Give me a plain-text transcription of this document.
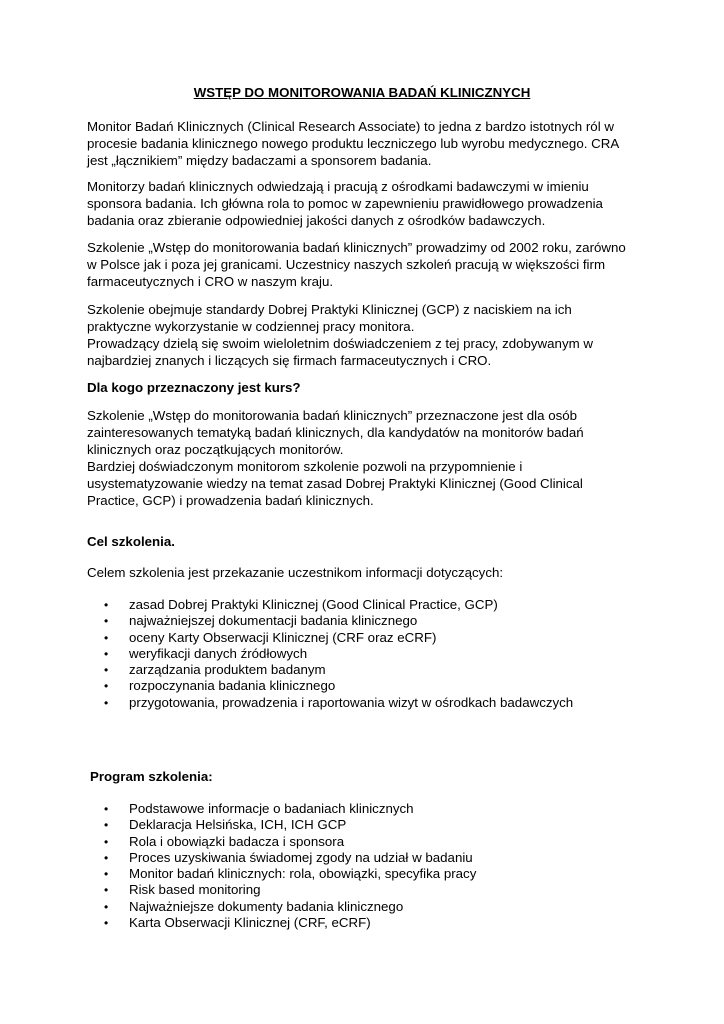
WSTĘP DO MONITOROWANIA BADAŃ KLINICZNYCH

Monitor Badań Klinicznych (Clinical Research Associate) to jedna z bardzo istotnych ról w
procesie badania klinicznego nowego produktu leczniczego lub wyrobu medycznego. CRA
jest „łącznikiem” między badaczami a sponsorem badania.

Monitorzy badań klinicznych odwiedzają i pracują z ośrodkami badawczymi w imieniu
sponsora badania. Ich główna rola to pomoc w zapewnieniu prawidłowego prowadzenia
badania oraz zbieranie odpowiedniej jakości danych z ośrodków badawczych.

Szkolenie „Wstęp do monitorowania badań klinicznych” prowadzimy od 2002 roku, zarówno
w Polsce jak i poza jej granicami. Uczestnicy naszych szkoleń pracują w większości firm
farmaceutycznych i CRO w naszym kraju.

Szkolenie obejmuje standardy Dobrej Praktyki Klinicznej (GCP) z naciskiem na ich
praktyczne wykorzystanie w codziennej pracy monitora.
Prowadzący dzielą się swoim wieloletnim doświadczeniem z tej pracy, zdobywanym w
najbardziej znanych i liczących się firmach farmaceutycznych i CRO.

Dla kogo przeznaczony jest kurs?

Szkolenie „Wstęp do monitorowania badań klinicznych” przeznaczone jest dla osób
zainteresowanych tematyką badań klinicznych, dla kandydatów na monitorów badań
klinicznych oraz początkujących monitorów.
Bardziej doświadczonym monitorom szkolenie pozwoli na przypomnienie i
usystematyzowanie wiedzy na temat zasad Dobrej Praktyki Klinicznej (Good Clinical
Practice, GCP) i prowadzenia badań klinicznych.

Cel szkolenia.

Celem szkolenia jest przekazanie uczestnikom informacji dotyczących:

• zasad Dobrej Praktyki Klinicznej (Good Clinical Practice, GCP)
• najważniejszej dokumentacji badania klinicznego
• oceny Karty Obserwacji Klinicznej (CRF oraz eCRF)
• weryfikacji danych źródłowych
• zarządzania produktem badanym
• rozpoczynania badania klinicznego
• przygotowania, prowadzenia i raportowania wizyt w ośrodkach badawczych
Program szkolenia:
• Podstawowe informacje o badaniach klinicznych
• Deklaracja Helsińska, ICH, ICH GCP
• Rola i obowiązki badacza i sponsora
• Proces uzyskiwania świadomej zgody na udział w badaniu
• Monitor badań klinicznych: rola, obowiązki, specyfika pracy
• Risk based monitoring
• Najważniejsze dokumenty badania klinicznego
• Karta Obserwacji Klinicznej (CRF, eCRF)
